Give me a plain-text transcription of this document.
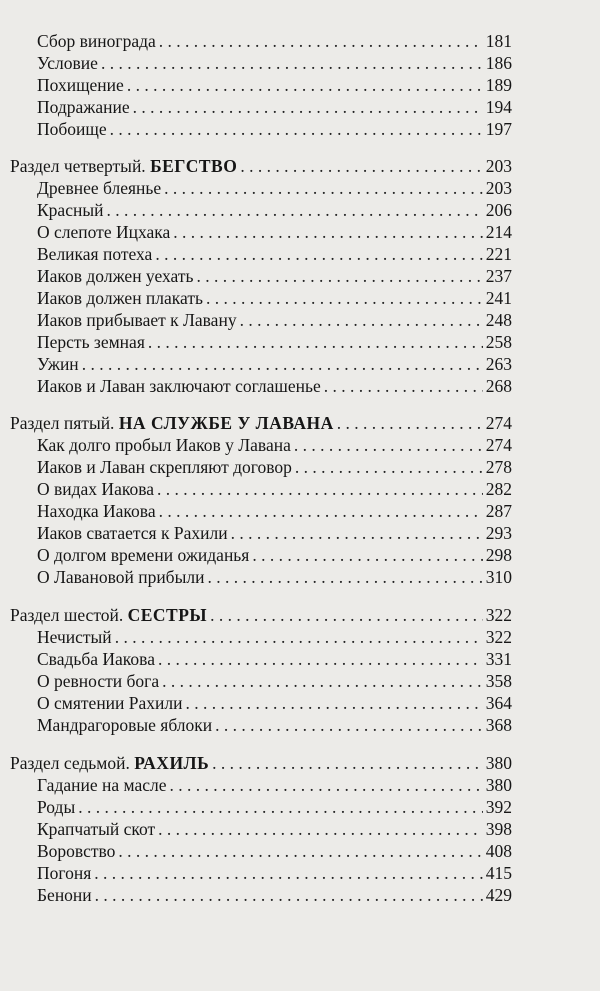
Сбор винограда . . .	181
Условие . . .	186
Похищение . . .	189
Подражание . . .	194
Побоище . . .	197
Раздел четвертый. БЕГСТВО . . .	203
Древнее блеянье . . .	203
Красный . . .	206
О слепоте Ицхака . . .	214
Великая потеха . . .	221
Иаков должен уехать . . .	237
Иаков должен плакать . . .	241
Иаков прибывает к Лавану . . .	248
Персть земная . . .	258
Ужин . . .	263
Иаков и Лаван заключают соглашенье . . .	268
Раздел пятый. НА СЛУЖБЕ У ЛАВАНА . . .	274
Как долго пробыл Иаков у Лавана . . .	274
Иаков и Лаван скрепляют договор . . .	278
О видах Иакова . . .	282
Находка Иакова . . .	287
Иаков сватается к Рахили . . .	293
О долгом времени ожиданья . . .	298
О Лавановой прибыли . . .	310
Раздел шестой. СЕСТРЫ . . .	322
Нечистый . . .	322
Свадьба Иакова . . .	331
О ревности бога . . .	358
О смятении Рахили . . .	364
Мандрагоровые яблоки . . .	368
Раздел седьмой. РАХИЛЬ . . .	380
Гадание на масле . . .	380
Роды . . .	392
Крапчатый скот . . .	398
Воровство . . .	408
Погоня . . .	415
Бенони . . .	429
